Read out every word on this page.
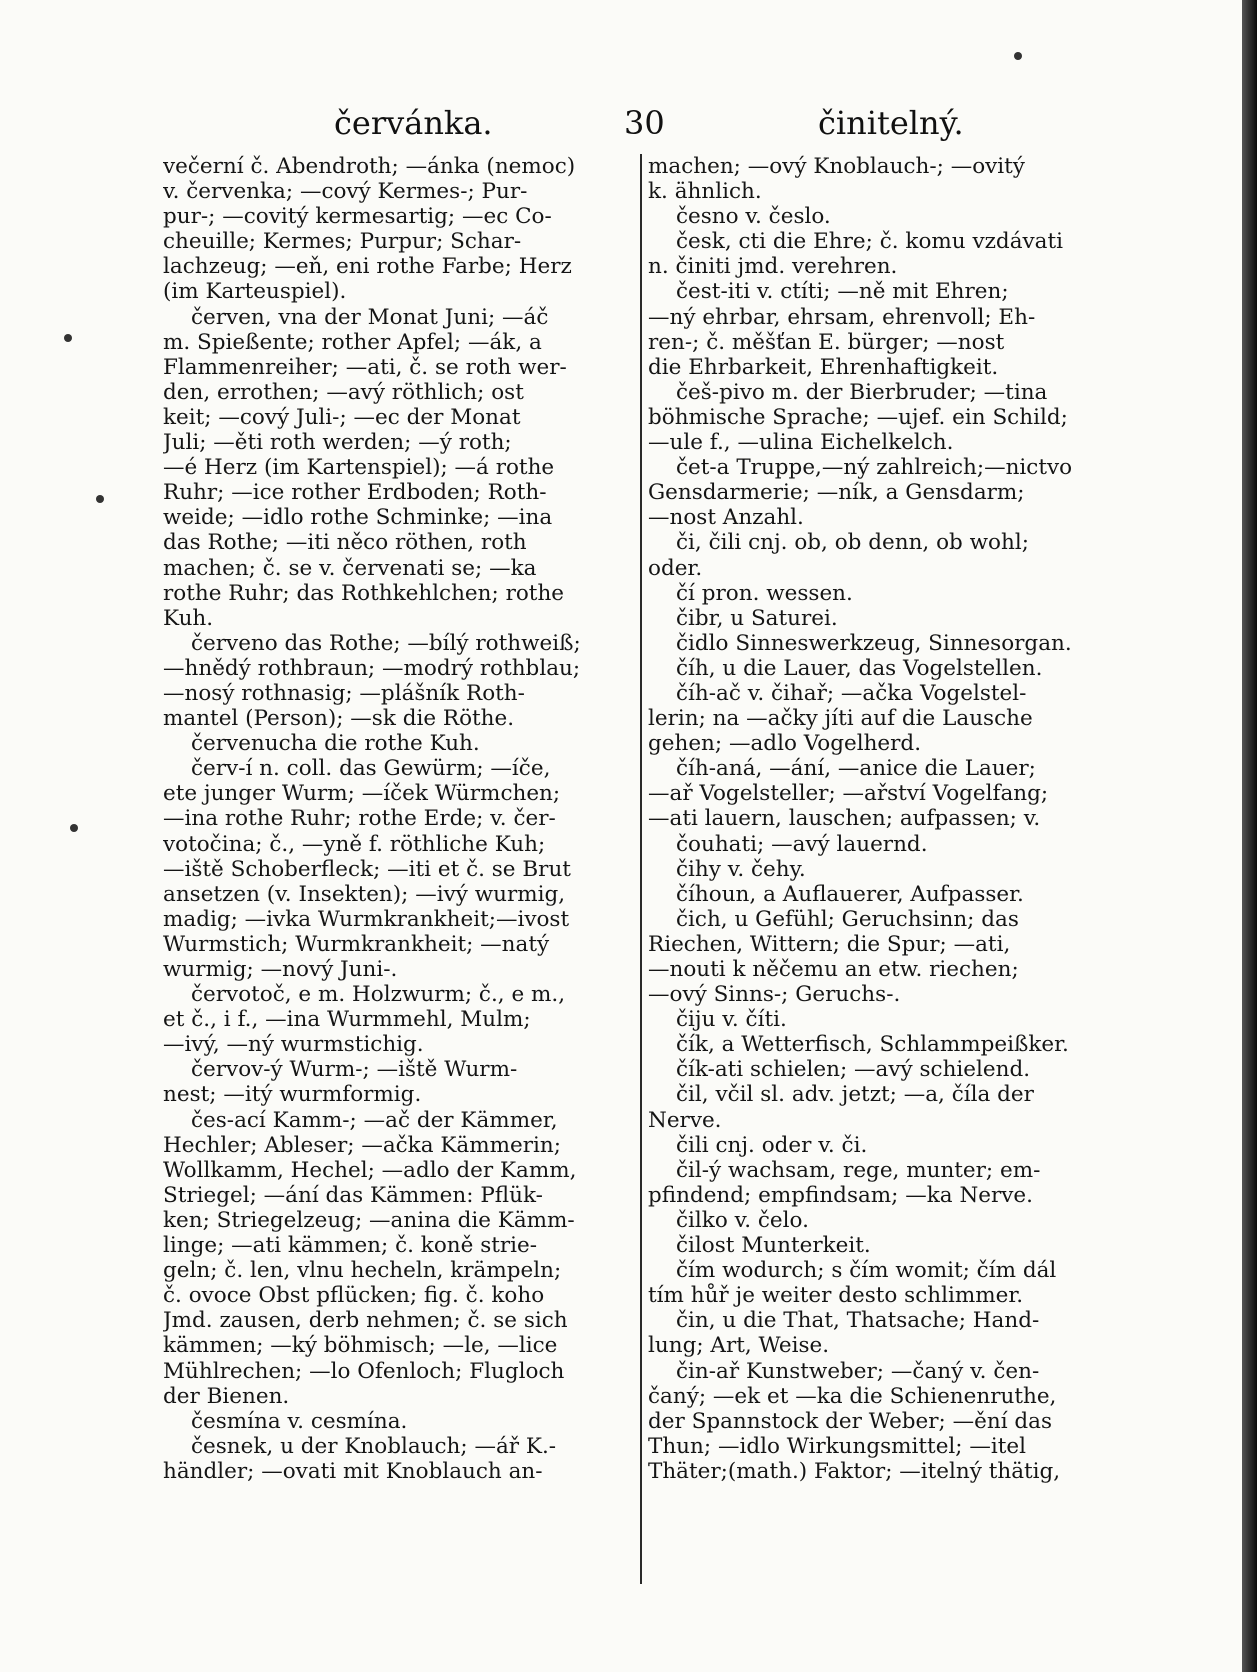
červánka.	30	činitelný.
večerní č. Abendroth; —ánka (nemoc)
v. červenka; —cový Kermes-; Pur-
pur-; —covitý kermesartig; —ec Co-
cheuille; Kermes; Purpur; Schar-
lachzeug; —eň, eni rothe Farbe; Herz
(im Karteuspiel).
červen, vna der Monat Juni; —áč
m. Spießente; rother Apfel; —ák, a
Flammenreiher; —ati, č. se roth wer-
den, errothen; —avý röthlich; ost
keit; —cový Juli-; —ec der Monat
Juli; —ěti roth werden; —ý roth;
—é Herz (im Kartenspiel); —á rothe
Ruhr; —ice rother Erdboden; Roth-
weide; —idlo rothe Schminke; —ina
das Rothe; —iti něco röthen, roth
machen; č. se v. červenati se; —ka
rothe Ruhr; das Rothkehlchen; rothe
Kuh.
červeno das Rothe; —bílý rothweiß;
—hnědý rothbraun; —modrý rothblau;
—nosý rothnasig; —plášník Roth-
mantel (Person); —sk die Röthe.
červenucha die rothe Kuh.
červ-í n. coll. das Gewürm; —íče,
ete junger Wurm; —íček Würmchen;
—ina rothe Ruhr; rothe Erde; v. čer-
votočina; č., —yně f. röthliche Kuh;
—iště Schoberfleck; —iti et č. se Brut
ansetzen (v. Insekten); —ivý wurmig,
madig; —ivka Wurmkrankheit;—ivost
Wurmstich; Wurmkrankheit; —natý
wurmig; —nový Juni-.
červotoč, e m. Holzwurm; č., e m.,
et č., i f., —ina Wurmmehl, Mulm;
—ivý, —ný wurmstichig.
červov-ý Wurm-; —iště Wurm-
nest; —itý wurmformig.
čes-ací Kamm-; —ač der Kämmer,
Hechler; Ableser; —ačka Kämmerin;
Wollkamm, Hechel; —adlo der Kamm,
Striegel; —ání das Kämmen: Pflük-
ken; Striegelzeug; —anina die Kämm-
linge; —ati kämmen; č. koně strie-
geln; č. len, vlnu hecheln, krämpeln;
č. ovoce Obst pflücken; fig. č. koho
Jmd. zausen, derb nehmen; č. se sich
kämmen; —ký böhmisch; —le, —lice
Mühlrechen; —lo Ofenloch; Flugloch
der Bienen.
česmína v. cesmína.
česnek, u der Knoblauch; —ář K.-
händler; —ovati mit Knoblauch an-
machen; —ový Knoblauch-; —ovitý
k. ähnlich.
česno v. česlo.
česk, cti die Ehre; č. komu vzdávati
n. činiti jmd. verehren.
čest-iti v. ctíti; —ně mit Ehren;
—ný ehrbar, ehrsam, ehrenvoll; Eh-
ren-; č. měšťan E. bürger; —nost
die Ehrbarkeit, Ehrenhaftigkeit.
češ-pivo m. der Bierbruder; —tina
böhmische Sprache; —ujef. ein Schild;
—ule f., —ulina Eichelkelch.
čet-a Truppe,—ný zahlreich;—nictvo
Gensdarmerie; —ník, a Gensdarm;
—nost Anzahl.
či, čili cnj. ob, ob denn, ob wohl;
oder.
čí pron. wessen.
čibr, u Saturei.
čidlo Sinneswerkzeug, Sinnesorgan.
číh, u die Lauer, das Vogelstellen.
číh-ač v. čihař; —ačka Vogelstel-
lerin; na —ačky jíti auf die Lausche
gehen; —adlo Vogelherd.
číh-aná, —ání, —anice die Lauer;
—ař Vogelsteller; —ařství Vogelfang;
—ati lauern, lauschen; aufpassen; v.
čouhati; —avý lauernd.
čihy v. čehy.
číhoun, a Auflauerer, Aufpasser.
čich, u Gefühl; Geruchsinn; das
Riechen, Wittern; die Spur; —ati,
—nouti k něčemu an etw. riechen;
—ový Sinns-; Geruchs-.
čiju v. číti.
čík, a Wetterfisch, Schlammpeißker.
čík-ati schielen; —avý schielend.
čil, včil sl. adv. jetzt; —a, číla der
Nerve.
čili cnj. oder v. či.
čil-ý wachsam, rege, munter; em-
pfindend; empfindsam; —ka Nerve.
čilko v. čelo.
čilost Munterkeit.
čím wodurch; s čím womit; čím dál
tím hůř je weiter desto schlimmer.
čin, u die That, Thatsache; Hand-
lung; Art, Weise.
čin-ař Kunstweber; —čaný v. čen-
čaný; —ek et —ka die Schienenruthe,
der Spannstock der Weber; —ění das
Thun; —idlo Wirkungsmittel; —itel
Thäter;(math.) Faktor; —itelný thätig,
